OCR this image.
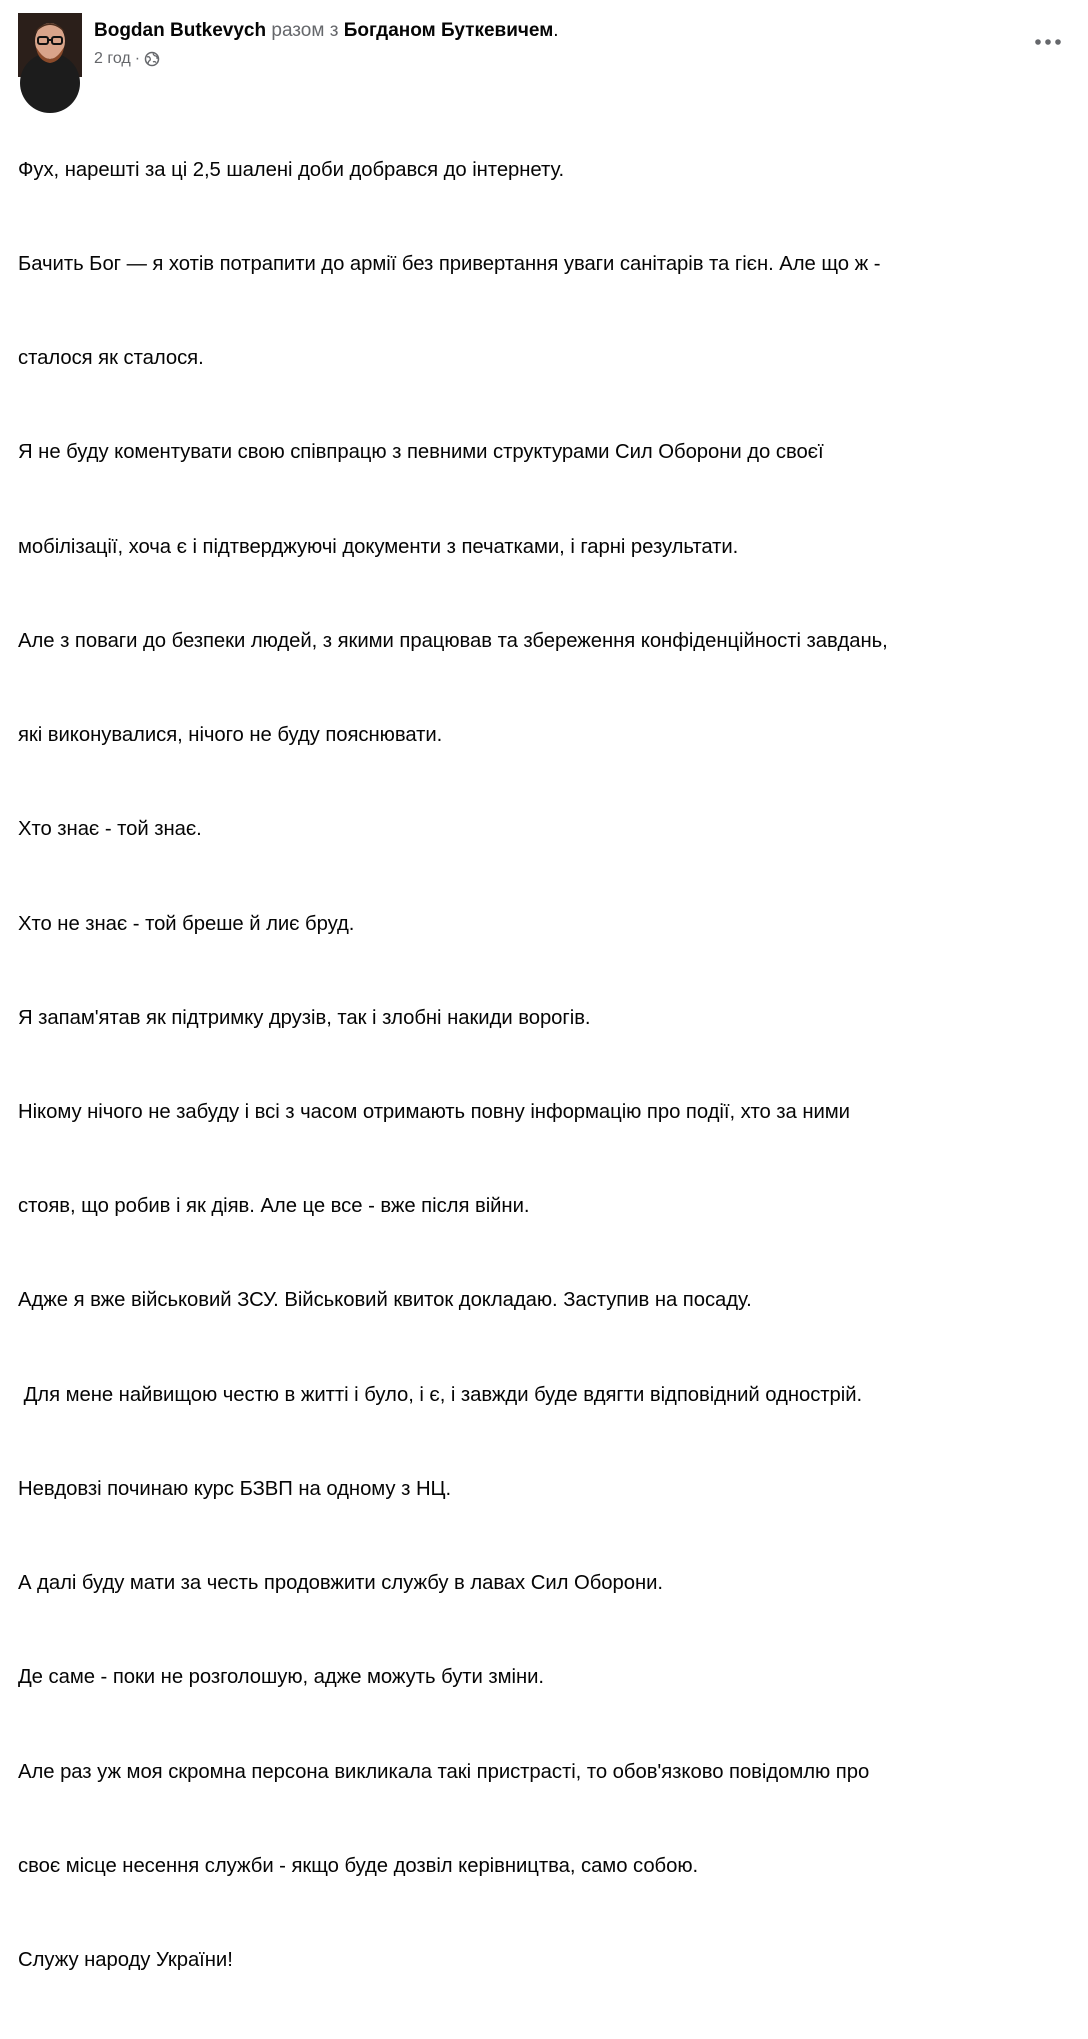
Bogdan Butkevych разом з Богданом Буткевичем.
2 год ·

Фух, нарешті за ці 2,5 шалені доби добрався до інтернету.

Бачить Бог — я хотів потрапити до армії без привертання уваги санітарів та гієн. Але що ж -

сталося як сталося.

Я не буду коментувати свою співпрацю з певними структурами Сил Оборони до своєї

мобілізації, хоча є і підтверджуючі документи з печатками, і гарні результати.

Але з поваги до безпеки людей, з якими працював та збереження конфіденційності завдань,

які виконувалися, нічого не буду пояснювати.

Хто знає - той знає.

Хто не знає - той бреше й лиє бруд.

Я запам'ятав як підтримку друзів, так і злобні накиди ворогів.

Нікому нічого не забуду і всі з часом отримають повну інформацію про події, хто за ними

стояв, що робив і як діяв. Але це все - вже після війни.

Адже я вже військовий ЗСУ. Військовий квиток докладаю. Заступив на посаду.

Для мене найвищою честю в житті і було, і є, і завжди буде вдягти відповідний однострій.

Невдовзі починаю курс БЗВП на одному з НЦ.

А далі буду мати за честь продовжити службу в лавах Сил Оборони.

Де саме - поки не розголошую, адже можуть бути зміни.

Але раз уж моя скромна персона викликала такі пристрасті, то обов'язково повідомлю про

своє місце несення служби - якщо буде дозвіл керівництва, само собою.

Служу народу України!
